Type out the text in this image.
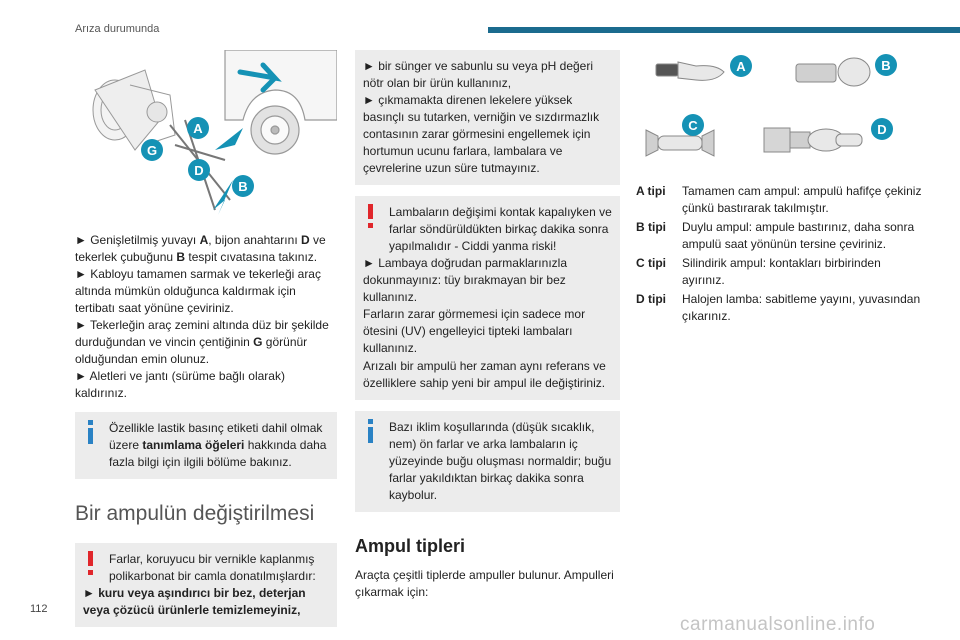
Arıza durumunda
A
G
D
B

► Genişletilmiş yuvayı A, bijon anahtarını D ve tekerlek çubuğunu B tespit cıvatasına takınız.

► Kabloyu tamamen sarmak ve tekerleği araç altında mümkün olduğunca kaldırmak için tertibatı saat yönüne çeviriniz.

► Tekerleğin araç zemini altında düz bir şekilde durduğundan ve vincin çentiğinin G görünür olduğundan emin olunuz.

► Aletleri ve jantı (sürüme bağlı olarak) kaldırınız.

Özellikle lastik basınç etiketi dahil olmak üzere tanımlama öğeleri hakkında daha fazla bilgi için ilgili bölüme bakınız.

Bir ampulün değiştirilmesi

Farlar, koruyucu bir vernikle kaplanmış polikarbonat bir camla donatılmışlardır:

► kuru veya aşındırıcı bir bez, deterjan veya çözücü ürünlerle temizlemeyiniz,

► bir sünger ve sabunlu su veya pH değeri nötr olan bir ürün kullanınız,

► çıkmamakta direnen lekelere yüksek basınçlı su tutarken, verniğin ve sızdırmazlık contasının zarar görmesini engellemek için hortumun ucunu farlara, lambalara ve çevrelerine uzun süre tutmayınız.

Lambaların değişimi kontak kapalıyken ve farlar söndürüldükten birkaç dakika sonra yapılmalıdır - Ciddi yanma riski!

► Lambaya doğrudan parmaklarınızla dokunmayınız: tüy bırakmayan bir bez kullanınız.

Farların zarar görmemesi için sadece mor ötesini (UV) engelleyici tipteki lambaları kullanınız.

Arızalı bir ampulü her zaman aynı referans ve özelliklere sahip yeni bir ampul ile değiştiriniz.

Bazı iklim koşullarında (düşük sıcaklık, nem) ön farlar ve arka lambaların iç yüzeyinde buğu oluşması normaldir; buğu farlar yakıldıktan birkaç dakika sonra kaybolur.

Ampul tipleri

Araçta çeşitli tiplerde ampuller bulunur. Ampulleri çıkarmak için:

A	B
C	D
A tipi	Tamamen cam ampul: ampulü hafifçe çekiniz çünkü bastırarak takılmıştır.
B tipi	Duylu ampul: ampule bastırınız, daha sonra ampulü saat yönünün tersine çeviriniz.
C tipi	Silindirik ampul: kontakları birbirinden ayırınız.
D tipi	Halojen lamba: sabitleme yayını, yuvasından çıkarınız.
112
carmanualsonline.info
